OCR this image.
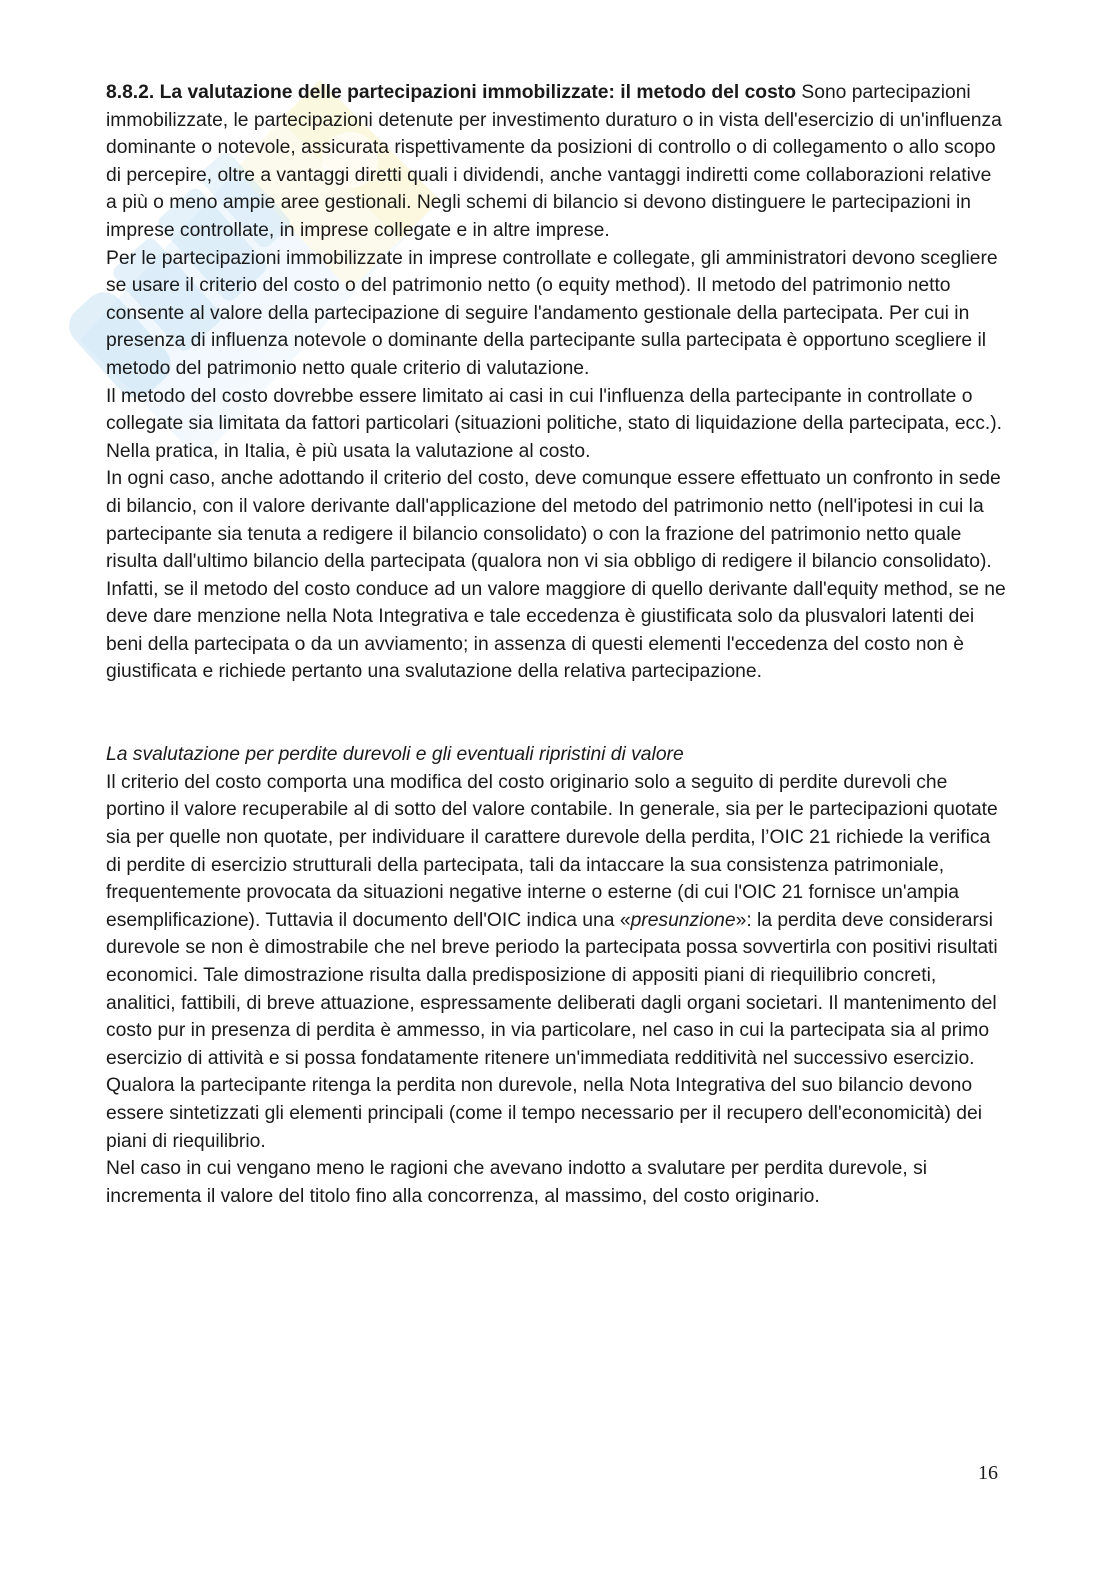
8.8.2. La valutazione delle partecipazioni immobilizzate: il metodo del costo Sono partecipazioni immobilizzate, le partecipazioni detenute per investimento duraturo o in vista dell'esercizio di un'influenza dominante o notevole, assicurata rispettivamente da posizioni di controllo o di collegamento o allo scopo di percepire, oltre a vantaggi diretti quali i dividendi, anche vantaggi indiretti come collaborazioni relative a più o meno ampie aree gestionali. Negli schemi di bilancio si devono distinguere le partecipazioni in imprese controllate, in imprese collegate e in altre imprese.

Per le partecipazioni immobilizzate in imprese controllate e collegate, gli amministratori devono scegliere se usare il criterio del costo o del patrimonio netto (o equity method). Il metodo del patrimonio netto consente al valore della partecipazione di seguire l'andamento gestionale della partecipata. Per cui in presenza di influenza notevole o dominante della partecipante sulla partecipata è opportuno scegliere il metodo del patrimonio netto quale criterio di valutazione.

Il metodo del costo dovrebbe essere limitato ai casi in cui l'influenza della partecipante in controllate o collegate sia limitata da fattori particolari (situazioni politiche, stato di liquidazione della partecipata, ecc.). Nella pratica, in Italia, è più usata la valutazione al costo.

In ogni caso, anche adottando il criterio del costo, deve comunque essere effettuato un confronto in sede di bilancio, con il valore derivante dall'applicazione del metodo del patrimonio netto (nell'ipotesi in cui la partecipante sia tenuta a redigere il bilancio consolidato) o con la frazione del patrimonio netto quale risulta dall'ultimo bilancio della partecipata (qualora non vi sia obbligo di redigere il bilancio consolidato). Infatti, se il metodo del costo conduce ad un valore maggiore di quello derivante dall'equity method, se ne deve dare menzione nella Nota Integrativa e tale eccedenza è giustificata solo da plusvalori latenti dei beni della partecipata o da un avviamento; in assenza di questi elementi l'eccedenza del costo non è giustificata e richiede pertanto una svalutazione della relativa partecipazione.

La svalutazione per perdite durevoli e gli eventuali ripristini di valore

Il criterio del costo comporta una modifica del costo originario solo a seguito di perdite durevoli che portino il valore recuperabile al di sotto del valore contabile. In generale, sia per le partecipazioni quotate sia per quelle non quotate, per individuare il carattere durevole della perdita, l’OIC 21 richiede la verifica di perdite di esercizio strutturali della partecipata, tali da intaccare la sua consistenza patrimoniale, frequentemente provocata da situazioni negative interne o esterne (di cui l'OIC 21 fornisce un'ampia esemplificazione). Tuttavia il documento dell'OIC indica una «presunzione»: la perdita deve considerarsi durevole se non è dimostrabile che nel breve periodo la partecipata possa sovvertirla con positivi risultati economici. Tale dimostrazione risulta dalla predisposizione di appositi piani di riequilibrio concreti, analitici, fattibili, di breve attuazione, espressamente deliberati dagli organi societari. Il mantenimento del costo pur in presenza di perdita è ammesso, in via particolare, nel caso in cui la partecipata sia al primo esercizio di attività e si possa fondatamente ritenere un'immediata redditività nel successivo esercizio.

Qualora la partecipante ritenga la perdita non durevole, nella Nota Integrativa del suo bilancio devono essere sintetizzati gli elementi principali (come il tempo necessario per il recupero dell'economicità) dei piani di riequilibrio.

Nel caso in cui vengano meno le ragioni che avevano indotto a svalutare per perdita durevole, si incrementa il valore del titolo fino alla concorrenza, al massimo, del costo originario.

16
